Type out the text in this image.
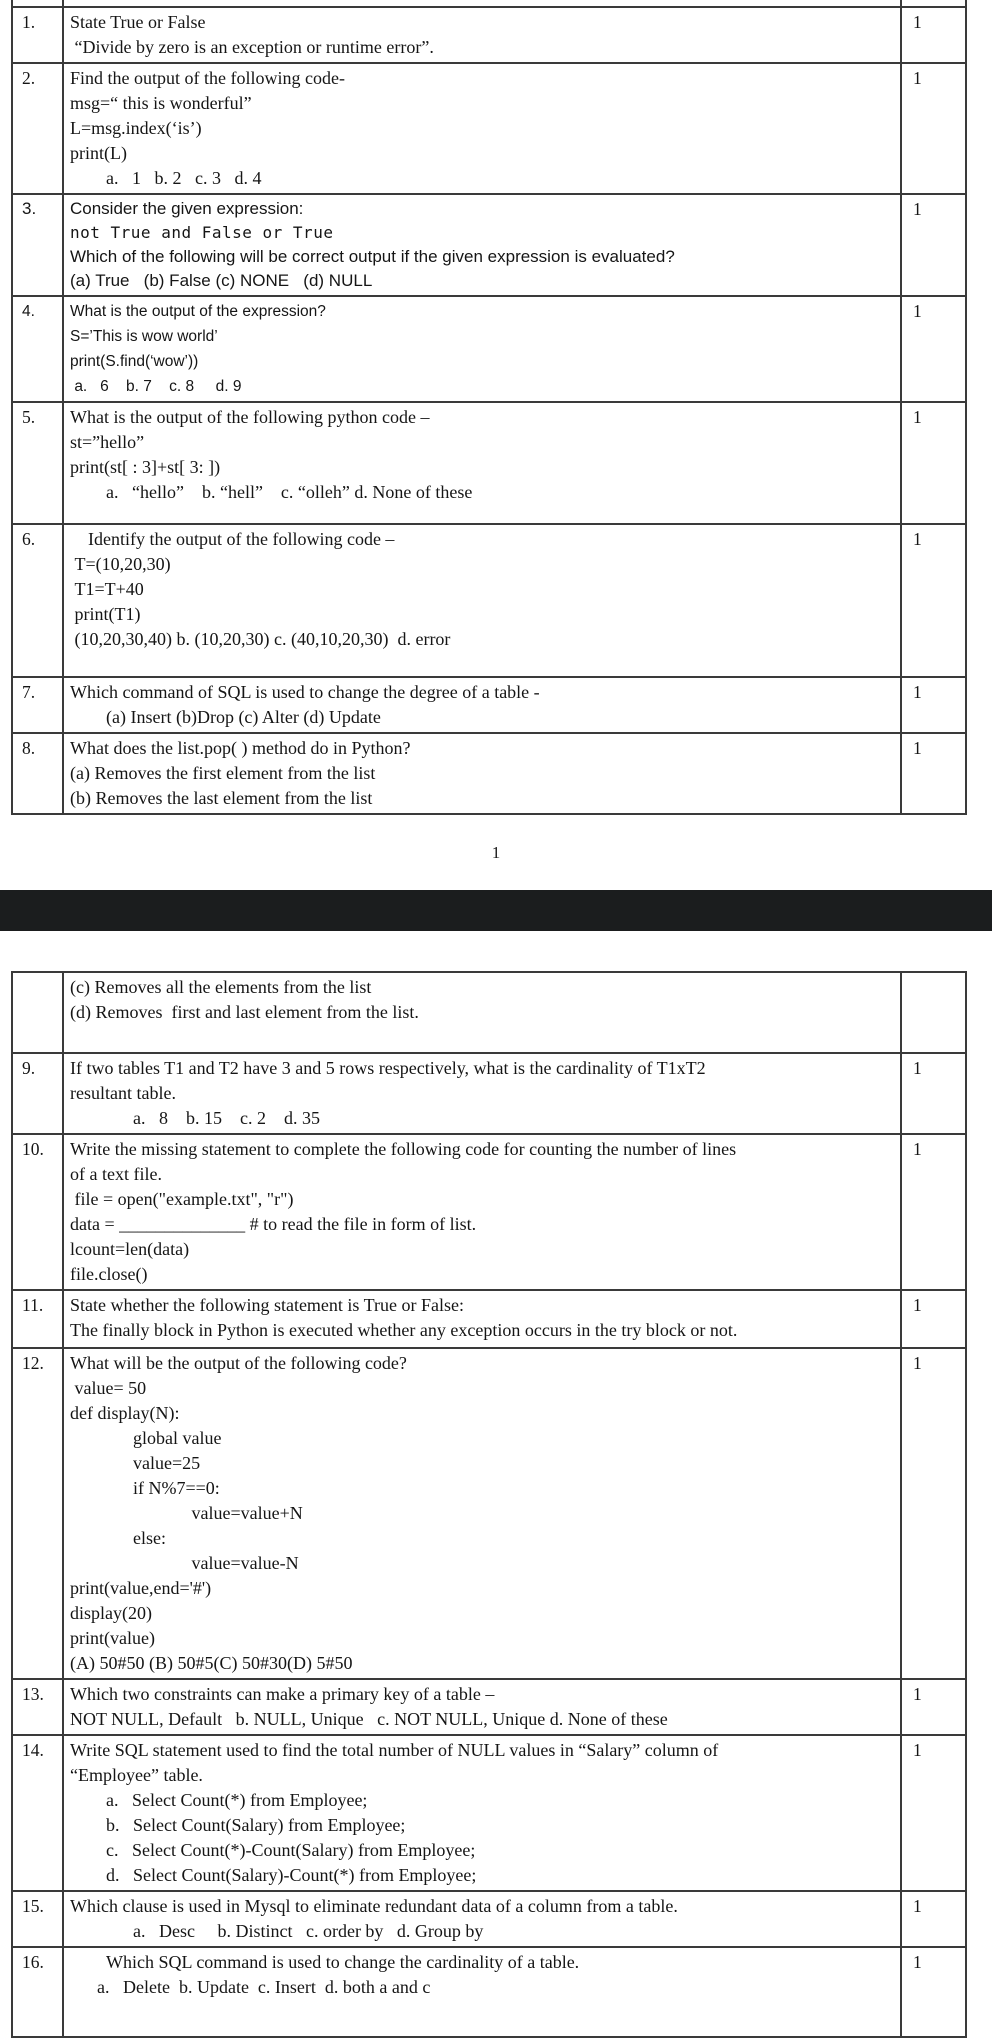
1.	State True or False
“Divide by zero is an exception or runtime error”.	1
2.	Find the output of the following code-
msg=“ this is wonderful”
L=msg.index(‘is’)
print(L)
a.   1   b. 2   c. 3   d. 4	1
3.	Consider the given expression:
not True and False or True
Which of the following will be correct output if the given expression is evaluated?
(a) True   (b) False (c) NONE   (d) NULL	1
4.	What is the output of the expression?
S=’This is wow world’
print(S.find(‘wow’))
a.   6    b. 7    c. 8     d. 9	1
5.	What is the output of the following python code –
st=”hello”
print(st[ : 3]+st[ 3: ])
a.   “hello”    b. “hell”    c. “olleh” d. None of these	1
6.	Identify the output of the following code –
T=(10,20,30)
T1=T+40
print(T1)
(10,20,30,40) b. (10,20,30) c. (40,10,20,30)  d. error	1
7.	Which command of SQL is used to change the degree of a table -
(a) Insert (b)Drop (c) Alter (d) Update	1
8.	What does the list.pop( ) method do in Python?
(a) Removes the first element from the list
(b) Removes the last element from the list	1
1

	(c) Removes all the elements from the list
(d) Removes  first and last element from the list.	

9.	If two tables T1 and T2 have 3 and 5 rows respectively, what is the cardinality of T1xT2
resultant table.
a.   8    b. 15    c. 2    d. 35	1
10.	Write the missing statement to complete the following code for counting the number of lines
of a text file.
file = open("example.txt", "r")
data = ______________ # to read the file in form of list.
lcount=len(data)
file.close()
	1
11.	State whether the following statement is True or False:
The finally block in Python is executed whether any exception occurs in the try block or not.	1
12.	What will be the output of the following code?
value= 50
def display(N):
global value
value=25
if N%7==0:
value=value+N
else:
value=value-N
print(value,end='#')
display(20)
print(value)
(A) 50#50 (B) 50#5(C) 50#30(D) 5#50
	1
13.	Which two constraints can make a primary key of a table –
NOT NULL, Default   b. NULL, Unique   c. NOT NULL, Unique d. None of these	1
14.	Write SQL statement used to find the total number of NULL values in “Salary” column of
“Employee” table.
a.   Select Count(*) from Employee;
b.   Select Count(Salary) from Employee;
c.   Select Count(*)-Count(Salary) from Employee;
d.   Select Count(Salary)-Count(*) from Employee;
	1
15.	Which clause is used in Mysql to eliminate redundant data of a column from a table.
a.   Desc     b. Distinct   c. order by   d. Group by	1
16.	Which SQL command is used to change the cardinality of a table.
a.   Delete  b. Update  c. Insert  d. both a and c	1
